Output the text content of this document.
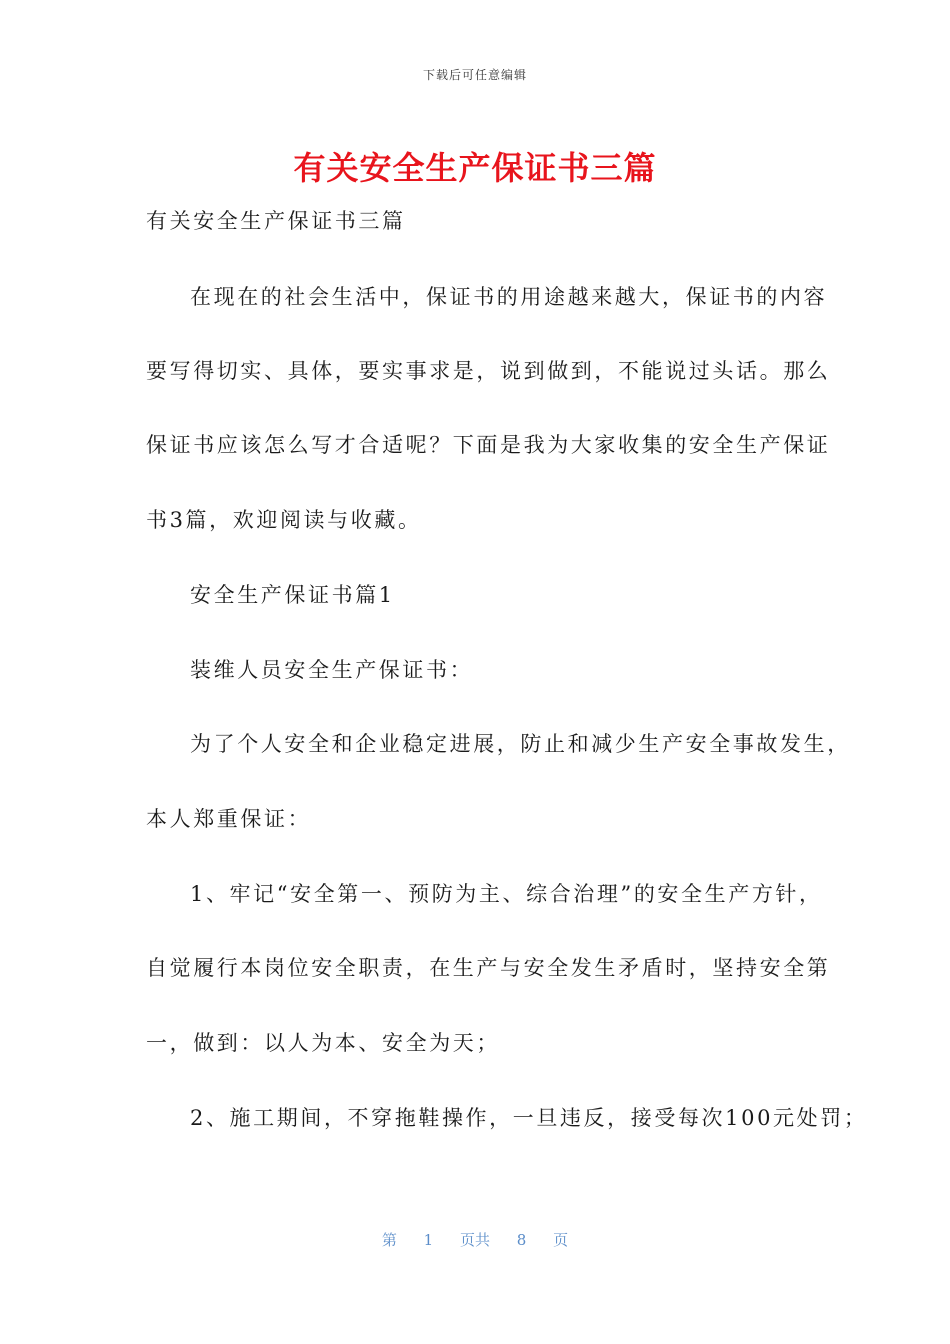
下载后可任意编辑
有关安全生产保证书三篇
有关安全生产保证书三篇
在现在的社会生活中，保证书的用途越来越大，保证书的内容
要写得切实、具体，要实事求是，说到做到，不能说过头话。那么
保证书应该怎么写才合适呢？下面是我为大家收集的安全生产保证
书3篇，欢迎阅读与收藏。
安全生产保证书篇1
装维人员安全生产保证书：
为了个人安全和企业稳定进展，防止和减少生产安全事故发生，
本人郑重保证：
1、牢记“安全第一、预防为主、综合治理”的安全生产方针，
自觉履行本岗位安全职责，在生产与安全发生矛盾时，坚持安全第
一，做到：以人为本、安全为天；
2、施工期间，不穿拖鞋操作，一旦违反，接受每次100元处罚；
第 1 页共 8 页
